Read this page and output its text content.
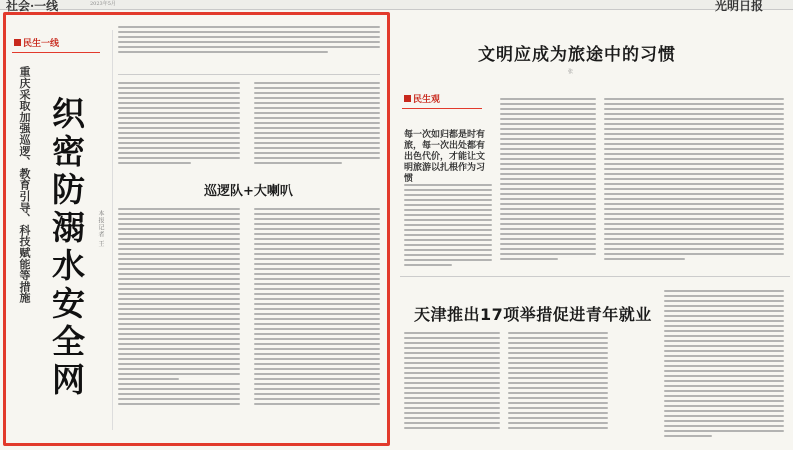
社会·一线	2023年5月	光明日报
民生一线
重庆采取加强巡逻、教育引导、科技赋能等措施 织密防溺水安全网 本报记者 王
巡逻队+大喇叭
文明应成为旅途中的习惯
张
民生观
每一次如归都是时有旅，每一次出处都有出色代价，才能让文明旅游以扎根作为习惯
天津推出17项举措促进青年就业
